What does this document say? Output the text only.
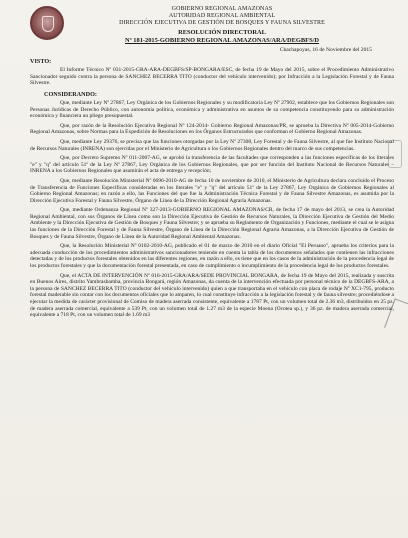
GOBIERNO REGIONAL AMAZONAS
AUTORIDAD REGIONAL AMBIENTAL
DIRECCIÓN EJECUTIVA DE GESTIÓN DE BOSQUES Y FAUNA SILVESTRE
RESOLUCIÓN DIRECTORAL
Nº 181-2015-GOBIERNO REGIONAL AMAZONAS/ARA/DEGBFS/D
Chachapoyas, 16 de Noviembre del 2015
VISTO:

El Informe Técnico Nº 031-2015-GRA-ARA-DEGBFS/SP-BONGARA/ESC, de fecha 19 de Mayo del 2015, sobre el Procedimiento Administrativo Sancionador seguido contra la persona de SANCHEZ BECERRA TITO (conductor del vehículo intervenido); por Infracción a la Legislación Forestal y de Fauna Silvestre.

CONSIDERANDO:

Que, mediante Ley Nº 27867, Ley Orgánica de los Gobiernos Regionales y su modificatoria Ley Nº 27902, establece que los Gobiernos Regionales son Personas Jurídicas de Derecho Público, con autonomía política, económica y administrativa en asuntos de su competencia constituyendo para su administración económica y financiera un pliego presupuestal.

Que, por razón de la Resolución Ejecutiva Regional Nº 124-2014- Gobierno Regional Amazonas/PR, se aprueba la Directiva Nº 005-2014-Gobierno Regional Amazonas, sobre Normas para la Expedición de Resoluciones en los Órganos Estructurados que conforman el Gobierno Regional Amazonas.

Que, mediante Ley 29376, se precisa que las funciones otorgadas por la Ley Nº 27308, Ley Forestal y de Fauna Silvestre, al que fue Instituto Nacional de Recursos Naturales (INRENA) son ejercidas por el Ministerio de Agricultura o los Gobiernos Regionales dentro del marco de sus competencias.

Que, por Decreto Supremo Nº 011-2007-AG, se aprobó la transferencia de las facultades que corresponden a las funciones específicas de los literales "e" y "q" del artículo 51º de la Ley Nº 27867, Ley Orgánica de los Gobiernos Regionales, que por ser función del Instituto Nacional de Recursos Naturales – INRENA a los Gobiernos Regionales que asumirán el acta de entrega y recepción;

Que, mediante Resolución Ministerial Nº 0696-2010-AG de fecha 10 de noviembre de 2010, el Ministerio de Agricultura declara concluido el Proceso de Transferencia de Funciones Específicas consideradas en los literales "e" y "q" del artículo 51º de la Ley 27867, Ley Orgánica de Gobiernos Regionales al Gobierno Regional Amazonas; en razón a ello, las Funciones del que fue la Administración Técnica Forestal y de Fauna Silvestre Amazonas, es asumida por la Dirección Ejecutiva Forestal y Fauna Silvestre, Órgano de Línea de la Dirección Regional Agraria Amazonas.

Que, mediante Ordenanza Regional Nº 327-2013-GOBIERNO REGIONAL AMAZONAS/CR, de fecha 17 de mayo del 2013, se crea la Autoridad Regional Ambiental, con sus Órganos de Línea como son la Dirección Ejecutiva de Gestión de Recursos Naturales, la Dirección Ejecutiva de Gestión del Medio Ambiente y la Dirección Ejecutiva de Gestión de Bosques y Fauna Silvestre; y se aprueba su Reglamento de Organización y Funciones, mediante el cual se le asigna las funciones de la Dirección Forestal y de Fauna Silvestre, Órgano de Línea de la Dirección Regional Agraria Amazonas, a la Dirección Ejecutiva de Gestión de Bosques y de Fauna Silvestre, Órgano de Línea de la Autoridad Regional Ambiental Amazonas.

Que, la Resolución Ministerial Nº 0102-2010-AG, publicado el 01 de marzo de 2010 en el diario Oficial "El Peruano", aprueba los criterios para la adecuada conducción de los procedimientos administrativos sancionadores teniendo en cuenta la tabla de los documentos señalados que contienen las infracciones detectadas y de los productos forestales obtenidos en las diferentes regiones, en razón a ello, es tiene que en los casos de la administración de la procedencia legal de los productos forestales y que la documentación forestal presentada, en caso de cumplimiento o incumplimiento de la procedencia legal de los productos forestales.

Que, el ACTA DE INTERVENCIÓN Nº 016-2015-GRA/ARA/SEDE PROVINCIAL BONGARA, de fecha 19 de Mayo del 2015, realizada y suscrita en Buenos Aires, distrito Yambrasbamba, provincia Bongará, región Amazonas, da cuenta de la intervención efectuada por personal técnico de la DEGBFS-ARA, a la persona de SANCHEZ BECERRA TITO (conductor del vehículo intervenido) quien a que transportaba en el vehículo con placa de rodaje Nº XC1-795, producto forestal maderable sin contar con los documentos oficiales que lo amparen, lo cual constituye infracción a la legislación forestal y de fauna silvestre; procediéndose a ejecutar la medida de carácter provisional de Comiso de madera aserrada consistente, equivalente a 1787 Pt, con un volumen total de 2.36 m3, distribuidos en 25 pz. de madera aserrada comercial, equivalente a 539 Pt, con un volumen total de 1.27 m3 de la especie Moena (Ocotea sp.), y 36 pz. de madera aserrada comercial, equivalente a 718 Pt, con un volumen total de 1.69 m3
